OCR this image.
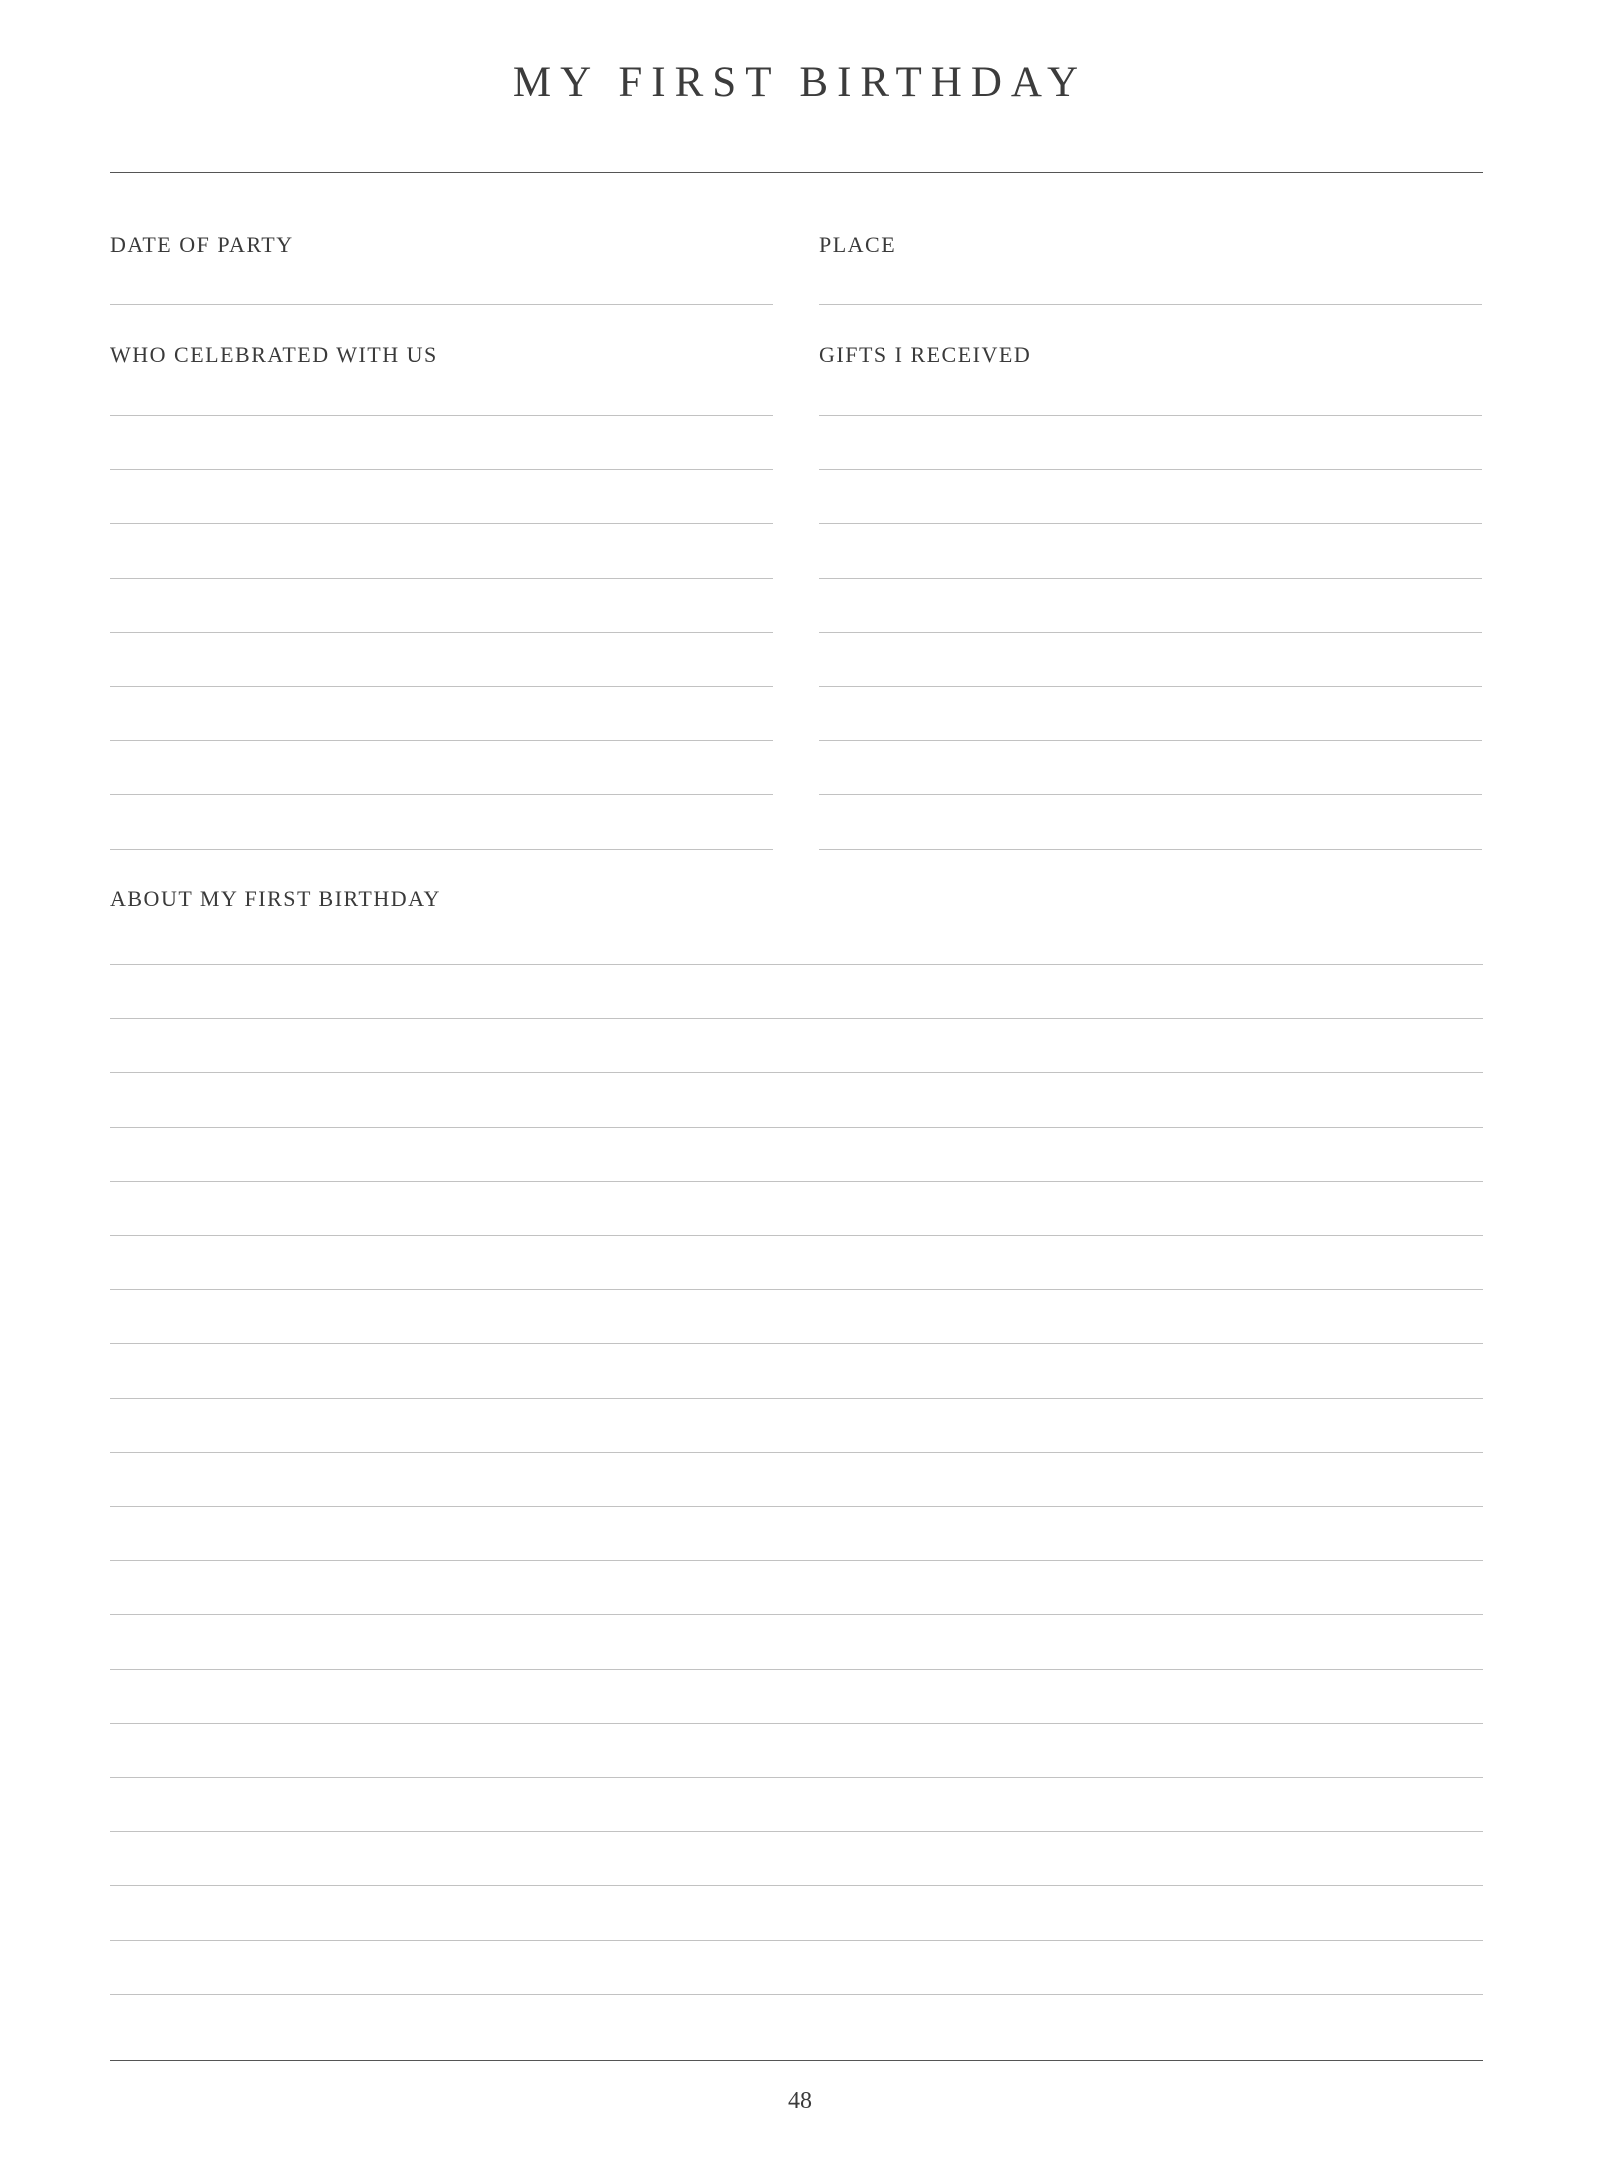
MY FIRST BIRTHDAY

DATE OF PARTY	PLACE

WHO CELEBRATED WITH US	GIFTS I RECEIVED

ABOUT MY FIRST BIRTHDAY

48
